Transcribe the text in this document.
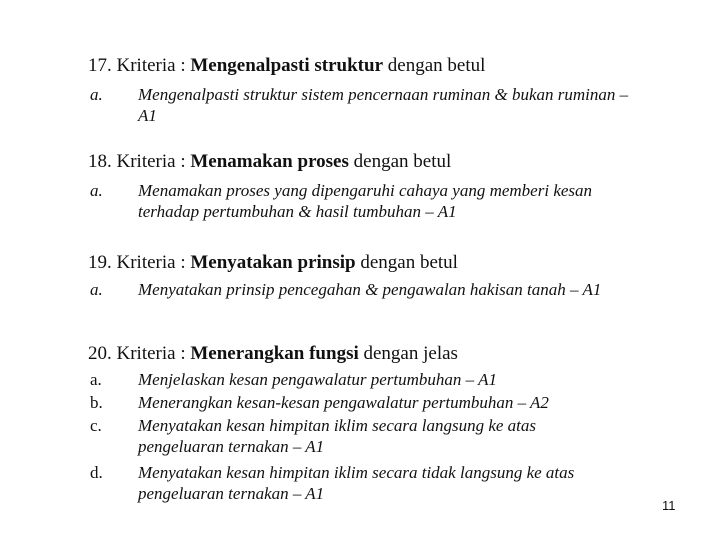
17. Kriteria : Mengenalpasti struktur dengan betul
a. Mengenalpasti struktur sistem pencernaan ruminan & bukan ruminan – A1
18. Kriteria : Menamakan proses dengan betul
a. Menamakan proses yang dipengaruhi cahaya yang memberi kesan terhadap pertumbuhan & hasil tumbuhan – A1
19. Kriteria : Menyatakan prinsip dengan betul
a. Menyatakan prinsip pencegahan & pengawalan hakisan tanah – A1
20. Kriteria : Menerangkan fungsi dengan jelas
a. Menjelaskan kesan pengawalatur pertumbuhan – A1
b. Menerangkan kesan-kesan pengawalatur pertumbuhan – A2
c. Menyatakan kesan himpitan iklim secara langsung ke atas pengeluaran ternakan – A1
d. Menyatakan kesan himpitan iklim secara tidak langsung ke atas pengeluaran ternakan – A1
11
